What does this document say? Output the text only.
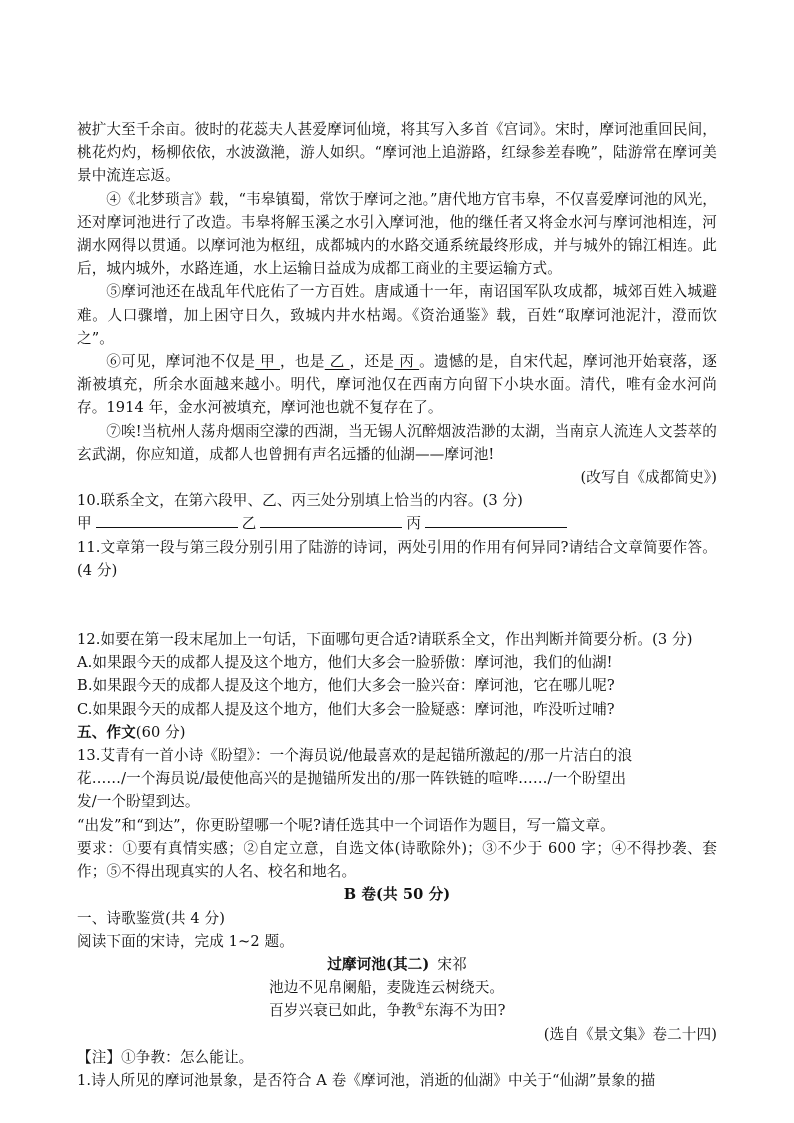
被扩大至千余亩。彼时的花蕊夫人甚爱摩诃仙境，将其写入多首《宫词》。宋时，摩诃池重回民间，桃花灼灼，杨柳依依，水波潋滟，游人如织。“摩诃池上追游路，红绿参差春晚”，陆游常在摩诃美景中流连忘返。

④《北梦琐言》载，“韦皋镇蜀，常饮于摩诃之池。”唐代地方官韦皋，不仅喜爱摩诃池的风光，还对摩诃池进行了改造。韦皋将解玉溪之水引入摩诃池，他的继任者又将金水河与摩诃池相连，河湖水网得以贯通。以摩诃池为枢纽，成都城内的水路交通系统最终形成，并与城外的锦江相连。此后，城内城外，水路连通，水上运输日益成为成都工商业的主要运输方式。

⑤摩诃池还在战乱年代庇佑了一方百姓。唐咸通十一年，南诏国军队攻成都，城郊百姓入城避难。人口骤增，加上困守日久，致城内井水枯竭。《资治通鉴》载，百姓“取摩诃池泥汁，澄而饮之”。

⑥可见，摩诃池不仅是 甲 ，也是 乙 ，还是 丙 。遗憾的是，自宋代起，摩诃池开始衰落，逐渐被填充，所余水面越来越小。明代，摩诃池仅在西南方向留下小块水面。清代，唯有金水河尚存。1914 年，金水河被填充，摩诃池也就不复存在了。

⑦唉!当杭州人荡舟烟雨空濛的西湖，当无锡人沉醉烟波浩渺的太湖，当南京人流连人文荟萃的玄武湖，你应知道，成都人也曾拥有声名远播的仙湖——摩诃池!

(改写自《成都简史》)

10.联系全文，在第六段甲、乙、丙三处分别填上恰当的内容。(3 分)

甲	乙	丙

11.文章第一段与第三段分别引用了陆游的诗词，两处引用的作用有何异同?请结合文章简要作答。(4 分)

12.如要在第一段末尾加上一句话，下面哪句更合适?请联系全文，作出判断并简要分析。(3 分)

A.如果跟今天的成都人提及这个地方，他们大多会一脸骄傲：摩诃池，我们的仙湖!

B.如果跟今天的成都人提及这个地方，他们大多会一脸兴奋：摩诃池，它在哪儿呢?

C.如果跟今天的成都人提及这个地方，他们大多会一脸疑惑：摩诃池，咋没听过哺?

五、作文(60 分)

13.艾青有一首小诗《盼望》：一个海员说/他最喜欢的是起锚所激起的/那一片洁白的浪

花……/一个海员说/最使他高兴的是抛锚所发出的/那一阵铁链的喧哗……/一个盼望出

发/一个盼望到达。

“出发”和“到达”，你更盼望哪一个呢?请任选其中一个词语作为题目，写一篇文章。

要求：①要有真情实感；②自定立意，自选文体(诗歌除外)；③不少于 600 字；④不得抄袭、套作；⑤不得出现真实的人名、校名和地名。

B 卷(共 50 分)

一、诗歌鉴赏(共 4 分)

阅读下面的宋诗，完成 1~2 题。

过摩诃池(其二) 宋祁

池边不见帛阑船，麦陇连云树绕天。

百岁兴衰已如此，争教①东海不为田?

(选自《景文集》卷二十四)

【注】①争教：怎么能让。

1.诗人所见的摩诃池景象，是否符合 A 卷《摩诃池，消逝的仙湖》中关于“仙湖”景象的描
